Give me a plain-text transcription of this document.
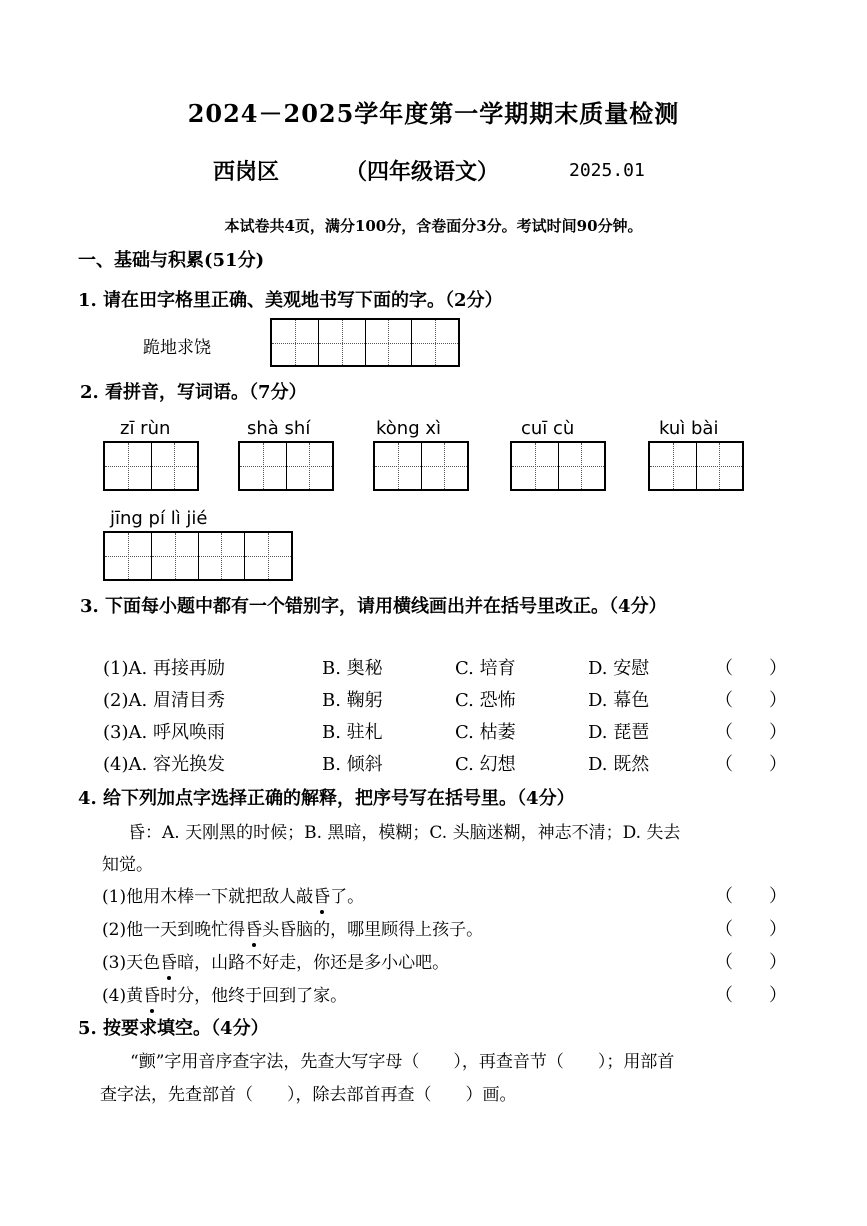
2024－2025学年度第一学期期末质量检测
西岗区	（四年级语文）	2025.01
本试卷共4页，满分100分，含卷面分3分。考试时间90分钟。
一、基础与积累(51分)
1. 请在田字格里正确、美观地书写下面的字。（2分）
跪地求饶
2. 看拼音，写词语。（7分）
zī rùn	shà shí	kòng xì	cuī cù	kuì bài
jīng pí lì jié
3. 下面每小题中都有一个错别字，请用横线画出并在括号里改正。（4分）
(1)A. 再接再励	B. 奥秘	C. 培育	D. 安慰	（　　）
(2)A. 眉清目秀	B. 鞠躬	C. 恐怖	D. 幕色	（　　）
(3)A. 呼风唤雨	B. 驻札	C. 枯萎	D. 琵琶	（　　）
(4)A. 容光换发	B. 倾斜	C. 幻想	D. 既然	（　　）
4. 给下列加点字选择正确的解释，把序号写在括号里。（4分）
昏：A. 天刚黑的时候；B. 黑暗，模糊；C. 头脑迷糊，神志不清；D. 失去
知觉。
(1)他用木棒一下就把敌人敲昏了。	（　　）
(2)他一天到晚忙得昏头昏脑的，哪里顾得上孩子。	（　　）
(3)天色昏暗，山路不好走，你还是多小心吧。	（　　）
(4)黄昏时分，他终于回到了家。	（　　）
5. 按要求填空。（4分）
“颤”字用音序查字法，先查大写字母（　　），再查音节（　　）；用部首
查字法，先查部首（　　），除去部首再查（　　）画。
